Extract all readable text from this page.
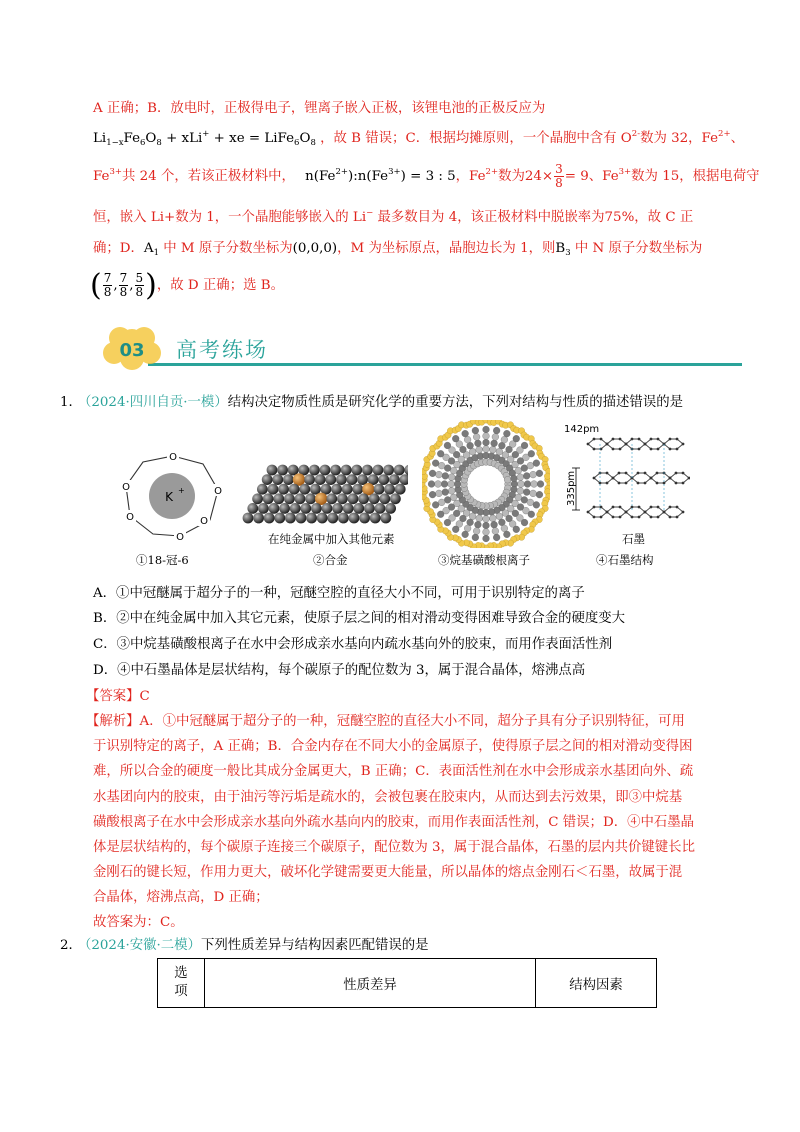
A 正确；B．放电时，正极得电子，锂离子嵌入正极，该锂电池的正极反应为
$Li_{1-x}Fe_6O_8 + xLi^+$ + xe = $LiFe_6O_8$ ，故 B 错误；C．根据均摊原则，一个晶胞中含有 $O^{2-}$数为 32，$Fe^{2+}$、
$Fe^{3+}$共 24 个，若该正极材料中， $n(Fe^{2+}):n(Fe^{3+}) = 3$ : 5，$Fe^{2+}$数为$24\times \frac{3}{8} = 9$、$Fe^{3+}$数为 15，根据电荷守
恒，嵌入 Li+数为 1，一个晶胞能够嵌入的 Li− 最多数目为 4，该正极材料中脱嵌率为75%，故 C 正
确；D．$A_1$ 中 M 原子分数坐标为(0,0,0)，M 为坐标原点，晶胞边长为 1，则$B_3$ 中 N 原子分数坐标为
( $\frac{7}{8}$ , $\frac{7}{8}$ , $\frac{5}{8}$ )，故 D 正确；选 B。
03 高考练场
1．
（2024·四川自贡·一模）结构决定物质性质是研究化学的重要方法，下列对结构与性质的描述错误的是
O
O
O
O
O
O
K +
①18-冠-6
在纯金属中加入其他元素
②合金	③烷基磺酸根离子
142pm
335pm
石墨
④石墨结构
A．①中冠醚属于超分子的一种，冠醚空腔的直径大小不同，可用于识别特定的离子
B．②中在纯金属中加入其它元素，使原子层之间的相对滑动变得困难导致合金的硬度变大
C．③中烷基磺酸根离子在水中会形成亲水基向内疏水基向外的胶束，而用作表面活性剂
D．④中石墨晶体是层状结构，每个碳原子的配位数为 3，属于混合晶体，熔沸点高
【答案】C
【解析】A．①中冠醚属于超分子的一种，冠醚空腔的直径大小不同，超分子具有分子识别特征，可用
于识别特定的离子，A 正确；B．合金内存在不同大小的金属原子，使得原子层之间的相对滑动变得困
难，所以合金的硬度一般比其成分金属更大，B 正确；C．表面活性剂在水中会形成亲水基团向外、疏
水基团向内的胶束，由于油污等污垢是疏水的，会被包裹在胶束内，从而达到去污效果，即③中烷基
磺酸根离子在水中会形成亲水基向外疏水基向内的胶束，而用作表面活性剂，C 错误；D．④中石墨晶
体是层状结构的，每个碳原子连接三个碳原子，配位数为 3，属于混合晶体，石墨的层内共价键键长比
金刚石的键长短，作用力更大，破坏化学键需要更大能量，所以晶体的熔点金刚石＜石墨，故属于混
合晶体，熔沸点高，D 正确；
故答案为：C。
2．
（2024·安徽·二模）下列性质差异与结构因素匹配错误的是
选项	性质差异	结构因素
